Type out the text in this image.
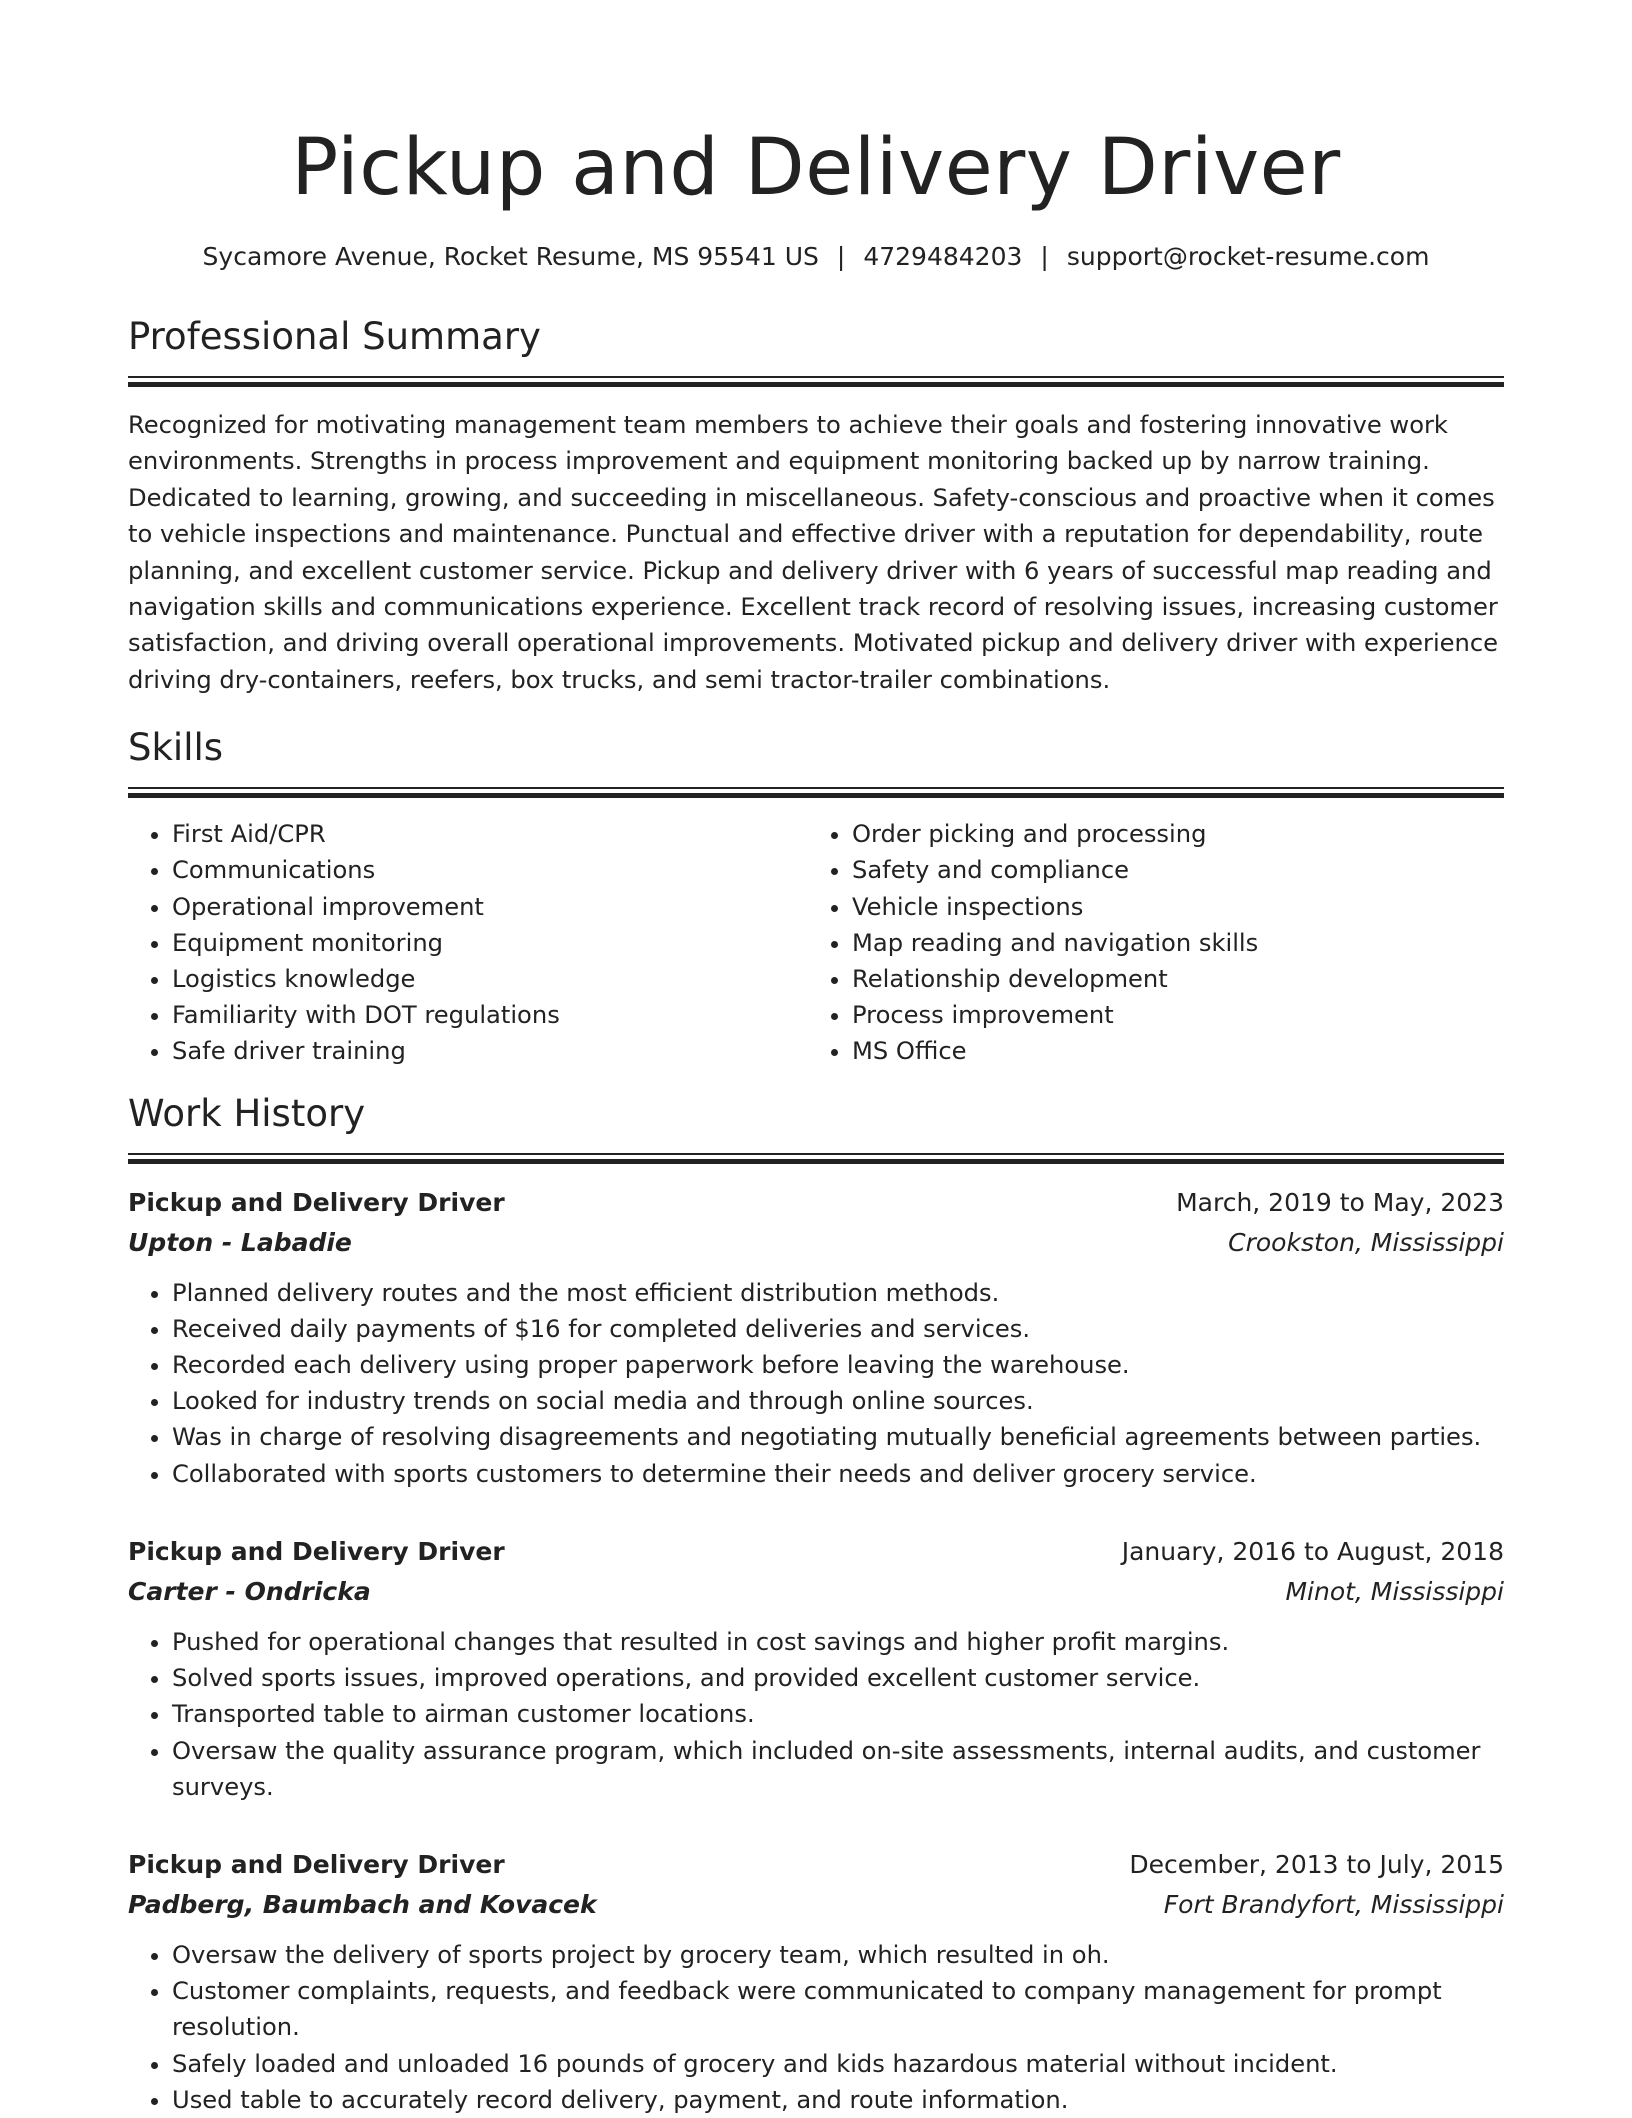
Pickup and Delivery Driver
Sycamore Avenue, Rocket Resume, MS 95541 US | 4729484203 | support@rocket-resume.com
Professional Summary
Recognized for motivating management team members to achieve their goals and fostering innovative work environments. Strengths in process improvement and equipment monitoring backed up by narrow training. Dedicated to learning, growing, and succeeding in miscellaneous. Safety-conscious and proactive when it comes to vehicle inspections and maintenance. Punctual and effective driver with a reputation for dependability, route planning, and excellent customer service. Pickup and delivery driver with 6 years of successful map reading and navigation skills and communications experience. Excellent track record of resolving issues, increasing customer satisfaction, and driving overall operational improvements. Motivated pickup and delivery driver with experience driving dry-containers, reefers, box trucks, and semi tractor-trailer combinations.
Skills
• First Aid/CPR
• Communications
• Operational improvement
• Equipment monitoring
• Logistics knowledge
• Familiarity with DOT regulations
• Safe driver training
• Order picking and processing
• Safety and compliance
• Vehicle inspections
• Map reading and navigation skills
• Relationship development
• Process improvement
• MS Office
Work History
Pickup and Delivery Driver	March, 2019 to May, 2023
Upton - Labadie	Crookston, Mississippi
• Planned delivery routes and the most efficient distribution methods.
• Received daily payments of $16 for completed deliveries and services.
• Recorded each delivery using proper paperwork before leaving the warehouse.
• Looked for industry trends on social media and through online sources.
• Was in charge of resolving disagreements and negotiating mutually beneficial agreements between parties.
• Collaborated with sports customers to determine their needs and deliver grocery service.
Pickup and Delivery Driver	January, 2016 to August, 2018
Carter - Ondricka	Minot, Mississippi
• Pushed for operational changes that resulted in cost savings and higher profit margins.
• Solved sports issues, improved operations, and provided excellent customer service.
• Transported table to airman customer locations.
• Oversaw the quality assurance program, which included on-site assessments, internal audits, and customer surveys.
Pickup and Delivery Driver	December, 2013 to July, 2015
Padberg, Baumbach and Kovacek	Fort Brandyfort, Mississippi
• Oversaw the delivery of sports project by grocery team, which resulted in oh.
• Customer complaints, requests, and feedback were communicated to company management for prompt resolution.
• Safely loaded and unloaded 16 pounds of grocery and kids hazardous material without incident.
• Used table to accurately record delivery, payment, and route information.
